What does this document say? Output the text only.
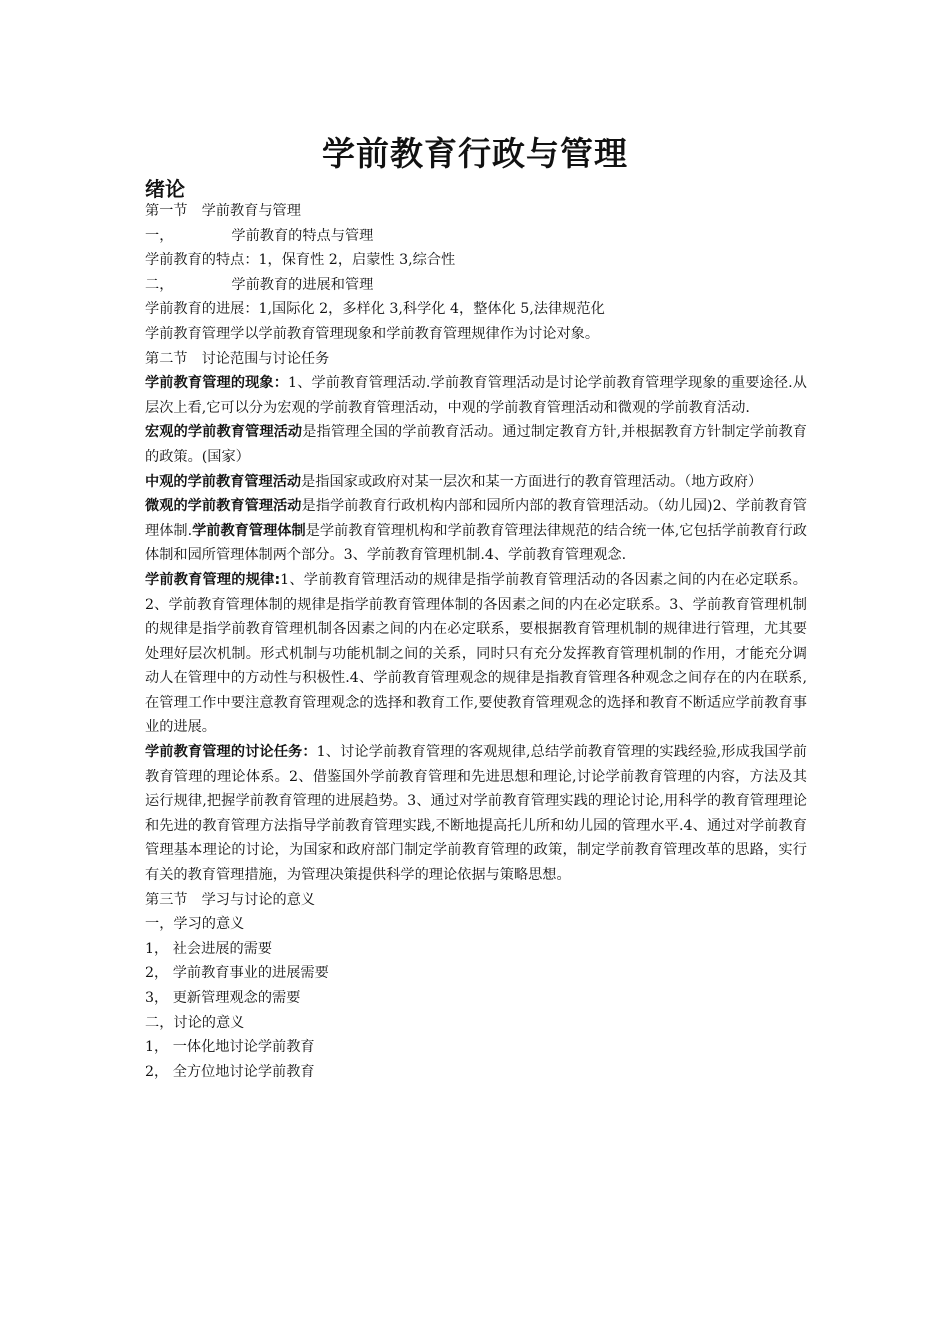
学前教育行政与管理
绪论

第一节 学前教育与管理

一，	学前教育的特点与管理

学前教育的特点：1，保育性 2，启蒙性 3,综合性

二，	学前教育的进展和管理

学前教育的进展：1,国际化 2，多样化 3,科学化 4，整体化 5,法律规范化

学前教育管理学以学前教育管理现象和学前教育管理规律作为讨论对象。

第二节 讨论范围与讨论任务

学前教育管理的现象：1、学前教育管理活动.学前教育管理活动是讨论学前教育管理学现象的重要途径.从层次上看,它可以分为宏观的学前教育管理活动，中观的学前教育管理活动和微观的学前教育活动.

宏观的学前教育管理活动是指管理全国的学前教育活动。通过制定教育方针,并根据教育方针制定学前教育的政策。(国家）

中观的学前教育管理活动是指国家或政府对某一层次和某一方面进行的教育管理活动。（地方政府）

微观的学前教育管理活动是指学前教育行政机构内部和园所内部的教育管理活动。（幼儿园)2、学前教育管理体制.学前教育管理体制是学前教育管理机构和学前教育管理法律规范的结合统一体,它包括学前教育行政体制和园所管理体制两个部分。3、学前教育管理机制.4、学前教育管理观念.

学前教育管理的规律:1、学前教育管理活动的规律是指学前教育管理活动的各因素之间的内在必定联系。2、学前教育管理体制的规律是指学前教育管理体制的各因素之间的内在必定联系。3、学前教育管理机制的规律是指学前教育管理机制各因素之间的内在必定联系，要根据教育管理机制的规律进行管理，尤其要处理好层次机制。形式机制与功能机制之间的关系，同时只有充分发挥教育管理机制的作用，才能充分调动人在管理中的方动性与积极性.4、学前教育管理观念的规律是指教育管理各种观念之间存在的内在联系,在管理工作中要注意教育管理观念的选择和教育工作,要使教育管理观念的选择和教育不断适应学前教育事业的进展。

学前教育管理的讨论任务：1、讨论学前教育管理的客观规律,总结学前教育管理的实践经验,形成我国学前教育管理的理论体系。2、借鉴国外学前教育管理和先进思想和理论,讨论学前教育管理的内容，方法及其运行规律,把握学前教育管理的进展趋势。3、通过对学前教育管理实践的理论讨论,用科学的教育管理理论和先进的教育管理方法指导学前教育管理实践,不断地提高托儿所和幼儿园的管理水平.4、通过对学前教育管理基本理论的讨论，为国家和政府部门制定学前教育管理的政策，制定学前教育管理改革的思路，实行有关的教育管理措施，为管理决策提供科学的理论依据与策略思想。

第三节 学习与讨论的意义

一，学习的意义

1， 社会进展的需要

2， 学前教育事业的进展需要

3， 更新管理观念的需要

二，讨论的意义

1， 一体化地讨论学前教育

2， 全方位地讨论学前教育
